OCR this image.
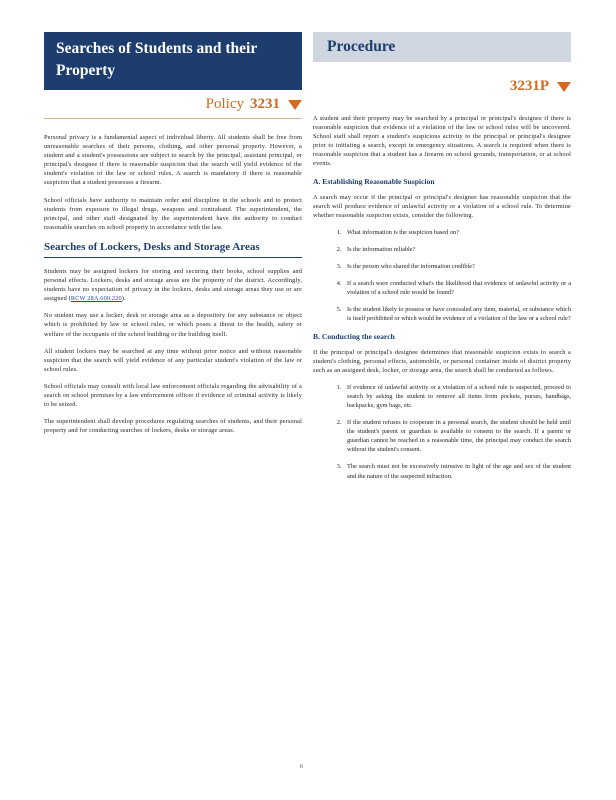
Searches of Students and their Property
Policy 3231

Personal privacy is a fundamental aspect of individual liberty. All students shall be free from unreasonable searches of their persons, clothing, and other personal property. However, a student and a student's possessions are subject to search by the principal, assistant principal, or principal's designee if there is reasonable suspicion that the search will yield evidence of the student's violation of the law or school rules. A search is mandatory if there is reasonable suspicion that a student possesses a firearm.

School officials have authority to maintain order and discipline in the schools and to protect students from exposure to illegal drugs, weapons and contraband. The superintendent, the principal, and other staff designated by the superintendent have the authority to conduct reasonable searches on school property in accordance with the law.

Searches of Lockers, Desks and Storage Areas

Students may be assigned lockers for storing and securing their books, school supplies and personal effects. Lockers, desks and storage areas are the property of the district. Accordingly, students have no expectation of privacy in the lockers, desks and storage areas they use or are assigned (RCW 28A.600.220).

No student may use a locker, desk or storage area as a depository for any substance or object which is prohibited by law or school rules, or which poses a threat to the health, safety or welfare of the occupants of the school building or the building itself.

All student lockers may be searched at any time without prior notice and without reasonable suspicion that the search will yield evidence of any particular student's violation of the law or school rules.

School officials may consult with local law enforcement officials regarding the advisability of a search on school premises by a law enforcement officer if evidence of criminal activity is likely to be seized.

The superintendent shall develop procedures regulating searches of students, and their personal property and for conducting searches of lockers, desks or storage areas.

Procedure
3231P

A student and their property may be searched by a principal or principal's designee if there is reasonable suspicion that evidence of a violation of the law or school rules will be uncovered. School staff shall report a student's suspicious activity to the principal or principal's designee prior to initiating a search, except in emergency situations. A search is required when there is reasonable suspicion that a student has a firearm on school grounds, transportation, or at school events.

A. Establishing Reasonable Suspicion

A search may occur if the principal or principal's designee has reasonable suspicion that the search will produce evidence of unlawful activity or a violation of a school rule. To determine whether reasonable suspicion exists, consider the following.

1. What information is the suspicion based on?
2. Is the information reliable?
3. Is the person who shared the information credible?
4. If a search were conducted what's the likelihood that evidence of unlawful activity or a violation of a school rule would be found?
5. Is the student likely to possess or have concealed any item, material, or substance which is itself prohibited or which would be evidence of a violation of the law or a school rule?
B. Conducting the search

If the principal or principal's designee determines that reasonable suspicion exists to search a student's clothing, personal effects, automobile, or personal container inside of district property such as an assigned desk, locker, or storage area, the search shall be conducted as follows.

1. If evidence of unlawful activity or a violation of a school rule is suspected, proceed to search by asking the student to remove all items from pockets, purses, handbags, backpacks, gym bags, etc.
2. If the student refuses to cooperate in a personal search, the student should be held until the student's parent or guardian is available to consent to the search. If a parent or guardian cannot be reached in a reasonable time, the principal may conduct the search without the student's consent.
3. The search must not be excessively intrusive in light of the age and sex of the student and the nature of the suspected infraction.
6
